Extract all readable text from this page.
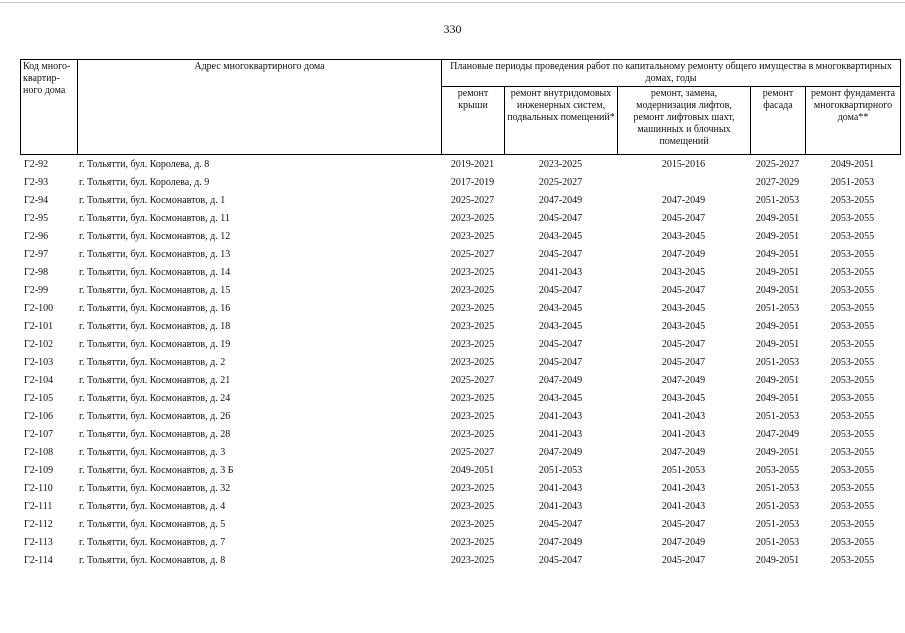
330
Код много-квартир-ного дома	Адрес многоквартирного дома	Плановые периоды проведения работ по капитальному ремонту общего имущества в многоквартирных домах, годы				
		ремонт крыши	ремонт внутридомовых инженерных систем, подвальных помещений*	ремонт, замена, модернизация лифтов, ремонт лифтовых шахт, машинных и блочных помещений	ремонт фасада	ремонт фундамента многоквартирного дома**
Г2-92	г. Тольятти, бул. Королева, д. 8	2019-2021	2023-2025	2015-2016	2025-2027	2049-2051
Г2-93	г. Тольятти, бул. Королева, д. 9	2017-2019	2025-2027		2027-2029	2051-2053
Г2-94	г. Тольятти, бул. Космонавтов, д. 1	2025-2027	2047-2049	2047-2049	2051-2053	2053-2055
Г2-95	г. Тольятти, бул. Космонавтов, д. 11	2023-2025	2045-2047	2045-2047	2049-2051	2053-2055
Г2-96	г. Тольятти, бул. Космонавтов, д. 12	2023-2025	2043-2045	2043-2045	2049-2051	2053-2055
Г2-97	г. Тольятти, бул. Космонавтов, д. 13	2025-2027	2045-2047	2047-2049	2049-2051	2053-2055
Г2-98	г. Тольятти, бул. Космонавтов, д. 14	2023-2025	2041-2043	2043-2045	2049-2051	2053-2055
Г2-99	г. Тольятти, бул. Космонавтов, д. 15	2023-2025	2045-2047	2045-2047	2049-2051	2053-2055
Г2-100	г. Тольятти, бул. Космонавтов, д. 16	2023-2025	2043-2045	2043-2045	2051-2053	2053-2055
Г2-101	г. Тольятти, бул. Космонавтов, д. 18	2023-2025	2043-2045	2043-2045	2049-2051	2053-2055
Г2-102	г. Тольятти, бул. Космонавтов, д. 19	2023-2025	2045-2047	2045-2047	2049-2051	2053-2055
Г2-103	г. Тольятти, бул. Космонавтов, д. 2	2023-2025	2045-2047	2045-2047	2051-2053	2053-2055
Г2-104	г. Тольятти, бул. Космонавтов, д. 21	2025-2027	2047-2049	2047-2049	2049-2051	2053-2055
Г2-105	г. Тольятти, бул. Космонавтов, д. 24	2023-2025	2043-2045	2043-2045	2049-2051	2053-2055
Г2-106	г. Тольятти, бул. Космонавтов, д. 26	2023-2025	2041-2043	2041-2043	2051-2053	2053-2055
Г2-107	г. Тольятти, бул. Космонавтов, д. 28	2023-2025	2041-2043	2041-2043	2047-2049	2053-2055
Г2-108	г. Тольятти, бул. Космонавтов, д. 3	2025-2027	2047-2049	2047-2049	2049-2051	2053-2055
Г2-109	г. Тольятти, бул. Космонавтов, д. 3 Б	2049-2051	2051-2053	2051-2053	2053-2055	2053-2055
Г2-110	г. Тольятти, бул. Космонавтов, д. 32	2023-2025	2041-2043	2041-2043	2051-2053	2053-2055
Г2-111	г. Тольятти, бул. Космонавтов, д. 4	2023-2025	2041-2043	2041-2043	2051-2053	2053-2055
Г2-112	г. Тольятти, бул. Космонавтов, д. 5	2023-2025	2045-2047	2045-2047	2051-2053	2053-2055
Г2-113	г. Тольятти, бул. Космонавтов, д. 7	2023-2025	2047-2049	2047-2049	2051-2053	2053-2055
Г2-114	г. Тольятти, бул. Космонавтов, д. 8	2023-2025	2045-2047	2045-2047	2049-2051	2053-2055
